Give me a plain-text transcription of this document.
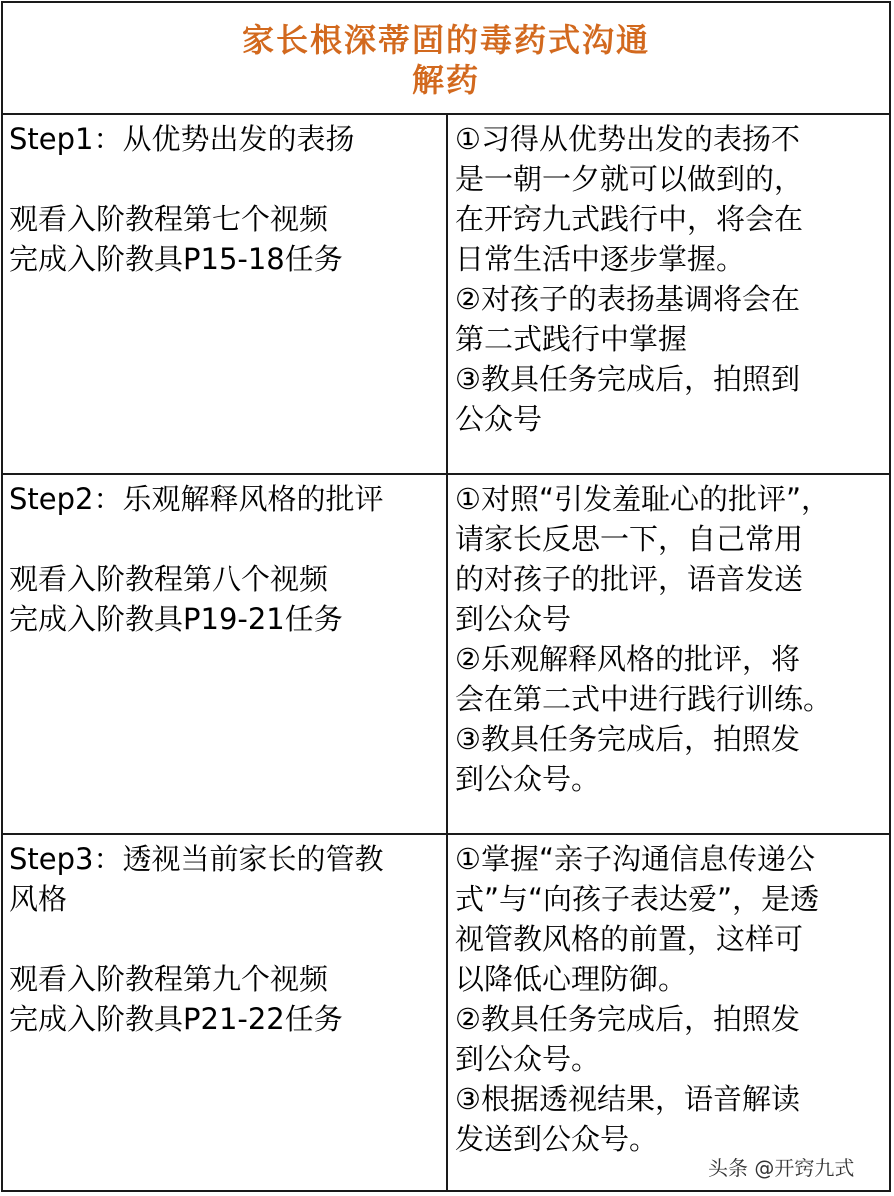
家长根深蒂固的毒药式沟通
解药
Step1：从优势出发的表扬
观看入阶教程第七个视频
完成入阶教具P15-18任务
①习得从优势出发的表扬不
是一朝一夕就可以做到的，
在开窍九式践行中，将会在
日常生活中逐步掌握。
②对孩子的表扬基调将会在
第二式践行中掌握
③教具任务完成后，拍照到
公众号
Step2：乐观解释风格的批评
观看入阶教程第八个视频
完成入阶教具P19-21任务
①对照“引发羞耻心的批评”，
请家长反思一下，自己常用
的对孩子的批评，语音发送
到公众号
②乐观解释风格的批评，将
会在第二式中进行践行训练。
③教具任务完成后，拍照发
到公众号。
Step3：透视当前家长的管教
风格
观看入阶教程第九个视频
完成入阶教具P21-22任务
①掌握“亲子沟通信息传递公
式”与“向孩子表达爱”，是透
视管教风格的前置，这样可
以降低心理防御。
②教具任务完成后，拍照发
到公众号。
③根据透视结果，语音解读
发送到公众号。
头条 @开窍九式
